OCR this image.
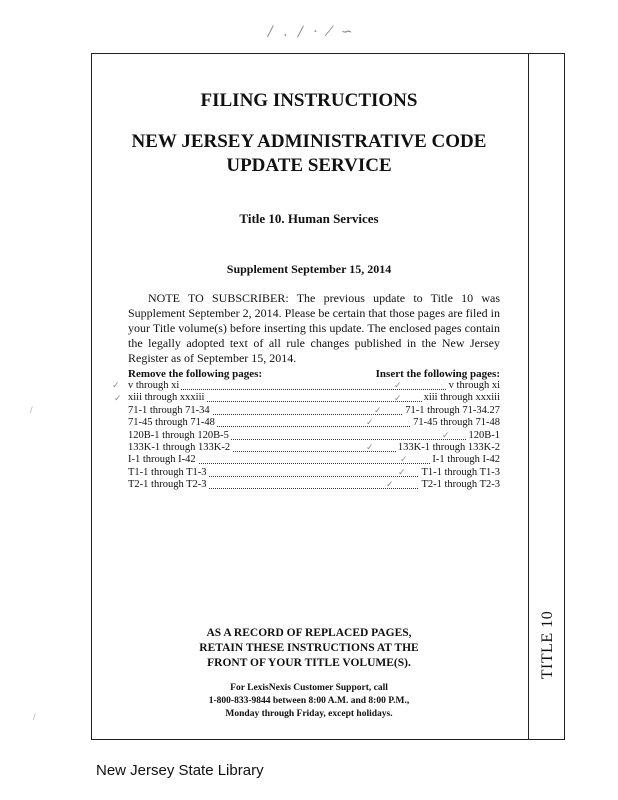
TITLE 10
/ . ∕ · ⁄ ∽
FILING INSTRUCTIONS
NEW JERSEY ADMINISTRATIVE CODE
UPDATE SERVICE
Title 10. Human Services
Supplement September 15, 2014
NOTE TO SUBSCRIBER: The previous update to Title 10 was Supplement September 2, 2014. Please be certain that those pages are filed in your Title volume(s) before inserting this update. The enclosed pages contain the legally adopted text of all rule changes published in the New Jersey Register as of September 15, 2014.
Remove the following pages:	Insert the following pages:
v through xi	v through xi
xiii through xxxiii	xiii through xxxiii
71-1 through 71-34	71-1 through 71-34.27
71-45 through 71-48	71-45 through 71-48
120B-1 through 120B-5	120B-1
133K-1 through 133K-2	133K-1 through 133K-2
I-1 through I-42	I-1 through I-42
T1-1 through T1-3	T1-1 through T1-3
T2-1 through T2-3	T2-1 through T2-3
✓
✓
✓
✓
✓
✓
✓
✓
✓
✓
✓
/
/
AS A RECORD OF REPLACED PAGES,
RETAIN THESE INSTRUCTIONS AT THE
FRONT OF YOUR TITLE VOLUME(S).
For LexisNexis Customer Support, call
1-800-833-9844 between 8:00 A.M. and 8:00 P.M.,
Monday through Friday, except holidays.
New Jersey State Library
